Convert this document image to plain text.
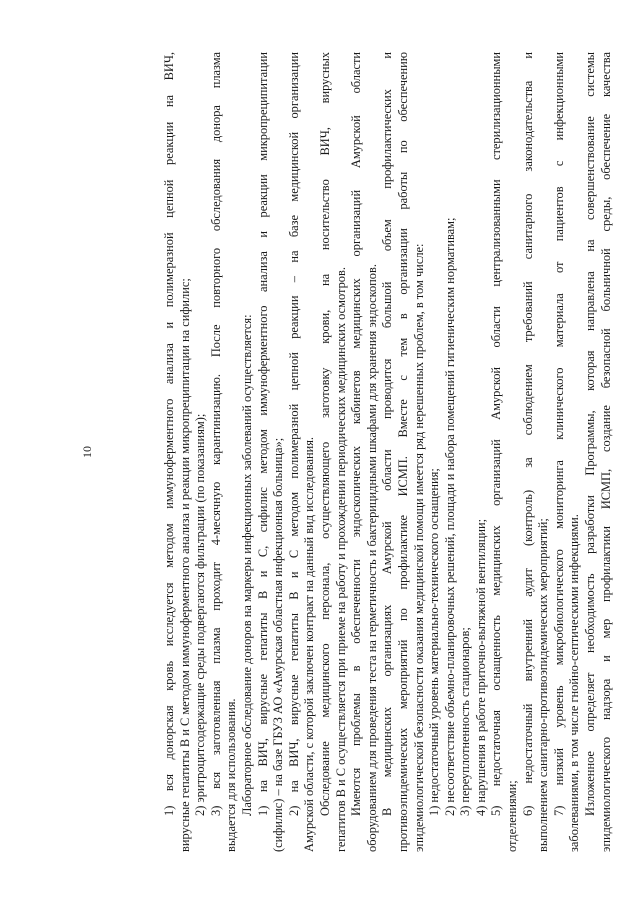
10	1) вся донорская кровь исследуется методом иммуноферментного анализа и полимеразной цепной реакции на ВИЧ, вирусные гепатиты В и С методом иммуноферментного анализа и реакции микропреципитации на сифилис; 2) эритроцитсодержащие среды подвергаются фильтрации (по показаниям); 3) вся заготовленная плазма проходит 4-месячную карантинизацию. После повторного обследования донора плазма выдается для использования. Лабораторное обследование доноров на маркеры инфекционных заболеваний осуществляется: 1) на ВИЧ, вирусные гепатиты В и С, сифилис методом иммуноферментного анализа и реакции микропреципитации (сифилис) – на базе ГБУЗ АО «Амурская областная инфекционная больница»; 2) на ВИЧ, вирусные гепатиты В и С методом полимеразной цепной реакции – на базе медицинской организации Амурской области, с которой заключен контракт на данный вид исследования. Обследование медицинского персонала, осуществляющего заготовку крови, на носительство ВИЧ, вирусных гепатитов В и С осуществляется при приеме на работу и прохождении периодических медицинских осмотров. Имеются проблемы в обеспеченности эндоскопических кабинетов медицинских организаций Амурской области оборудованием для проведения теста на герметичность и бактерицидными шкафами для хранения эндоскопов. В медицинских организациях Амурской области проводится большой объем профилактических и противоэпидемических мероприятий по профилактике ИСМП. Вместе с тем в организации работы по обеспечению эпидемиологической безопасности оказания медицинской помощи имеется ряд нерешенных проблем, в том числе: 1) недостаточный уровень материально-технического оснащения; 2) несоответствие объемно-планировочных решений, площади и набора помещений гигиеническим нормативам; 3) переуплотненность стационаров; 4) нарушения в работе приточно-вытяжной вентиляции; 5) недостаточная оснащенность медицинских организаций Амурской области централизованными стерилизационными
отделениями;
6) недостаточный внутренний аудит (контроль) за соблюдением требований санитарного законодательства и выполнением санитарно-противоэпидемических мероприятий; 7) низкий уровень микробиологического мониторинга клинического материала от пациентов с инфекционными заболеваниями, в том числе гнойно-септическими инфекциями. Изложенное определяет необходимость разработки Программы, которая направлена на совершенствование системы эпидемиологического надзора и мер профилактики ИСМП, создание безопасной больничной среды, обеспечение качества
